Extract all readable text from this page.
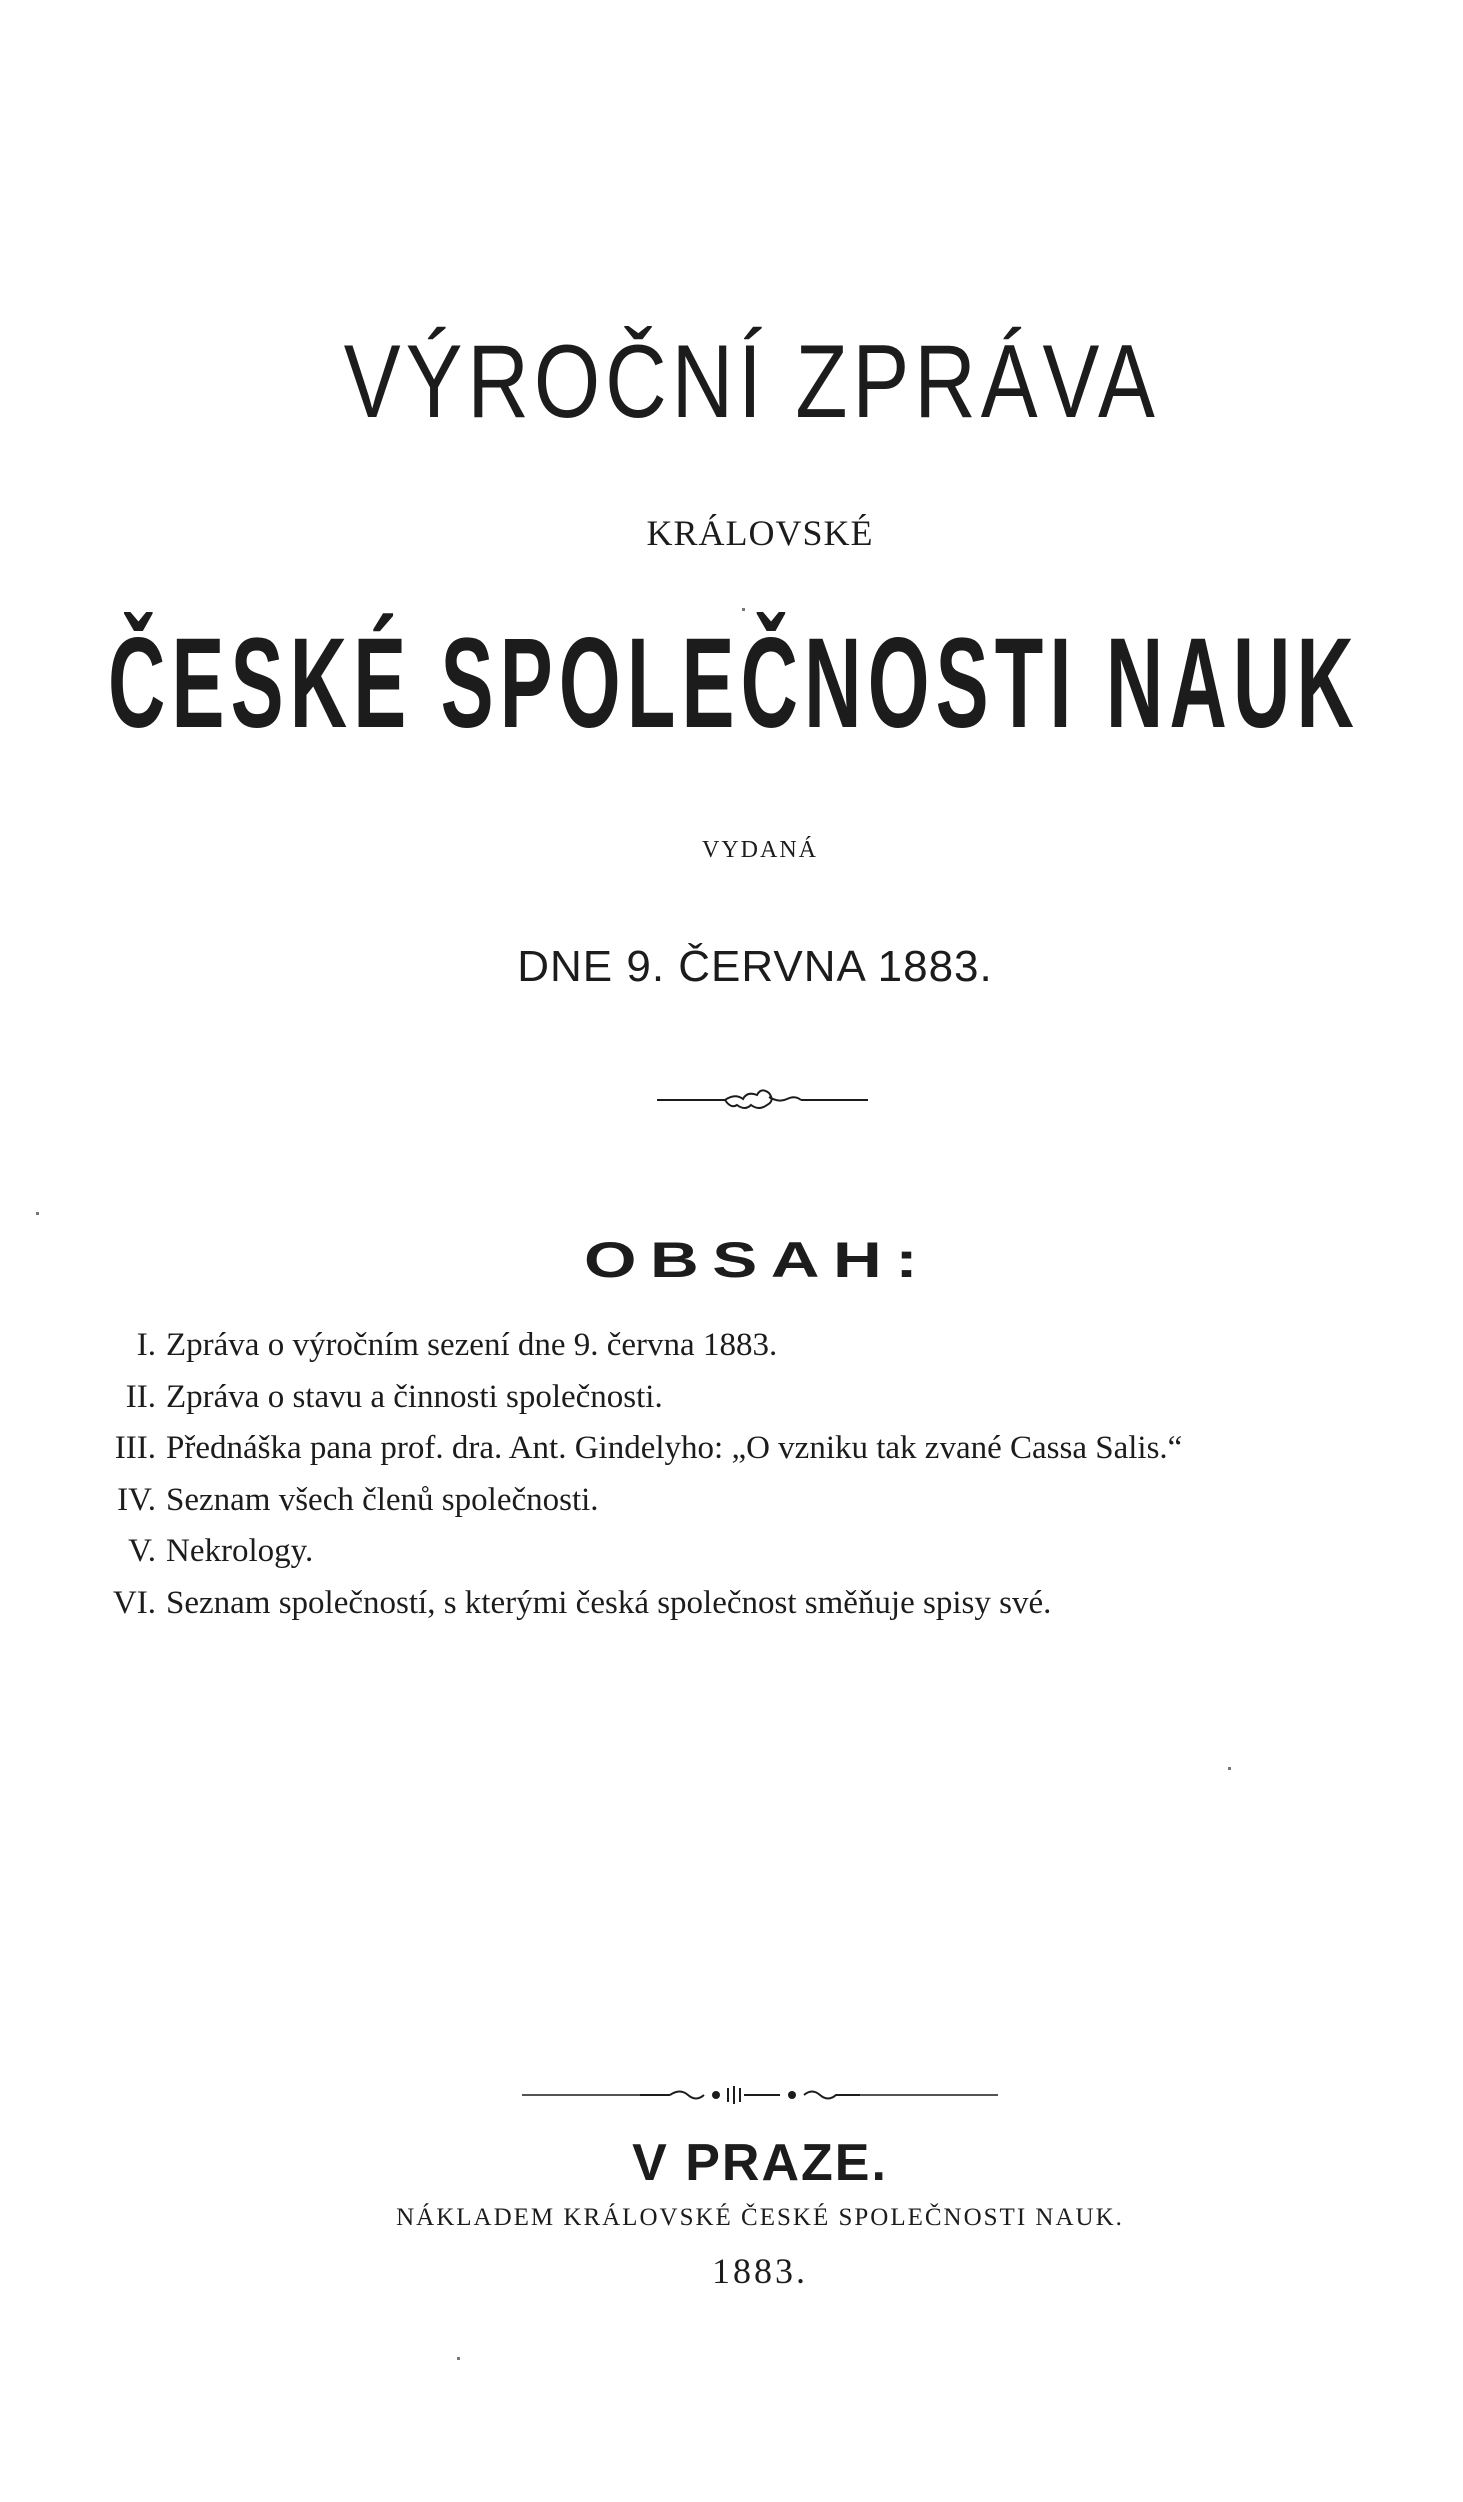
VÝROČNÍ ZPRÁVA
KRÁLOVSKÉ
ČESKÉ SPOLEČNOSTI NAUK
VYDANÁ
DNE 9. ČERVNA 1883.
OBSAH:
I. Zpráva o výročním sezení dne 9. června 1883.
II. Zpráva o stavu a činnosti společnosti.
III. Přednáška pana prof. dra. Ant. Gindelyho: „O vzniku tak zvané Cassa Salis.“
IV. Seznam všech členů společnosti.
V. Nekrology.
VI. Seznam společností, s kterými česká společnost směňuje spisy své.
V PRAZE.
NÁKLADEM KRÁLOVSKÉ ČESKÉ SPOLEČNOSTI NAUK.
1883.
